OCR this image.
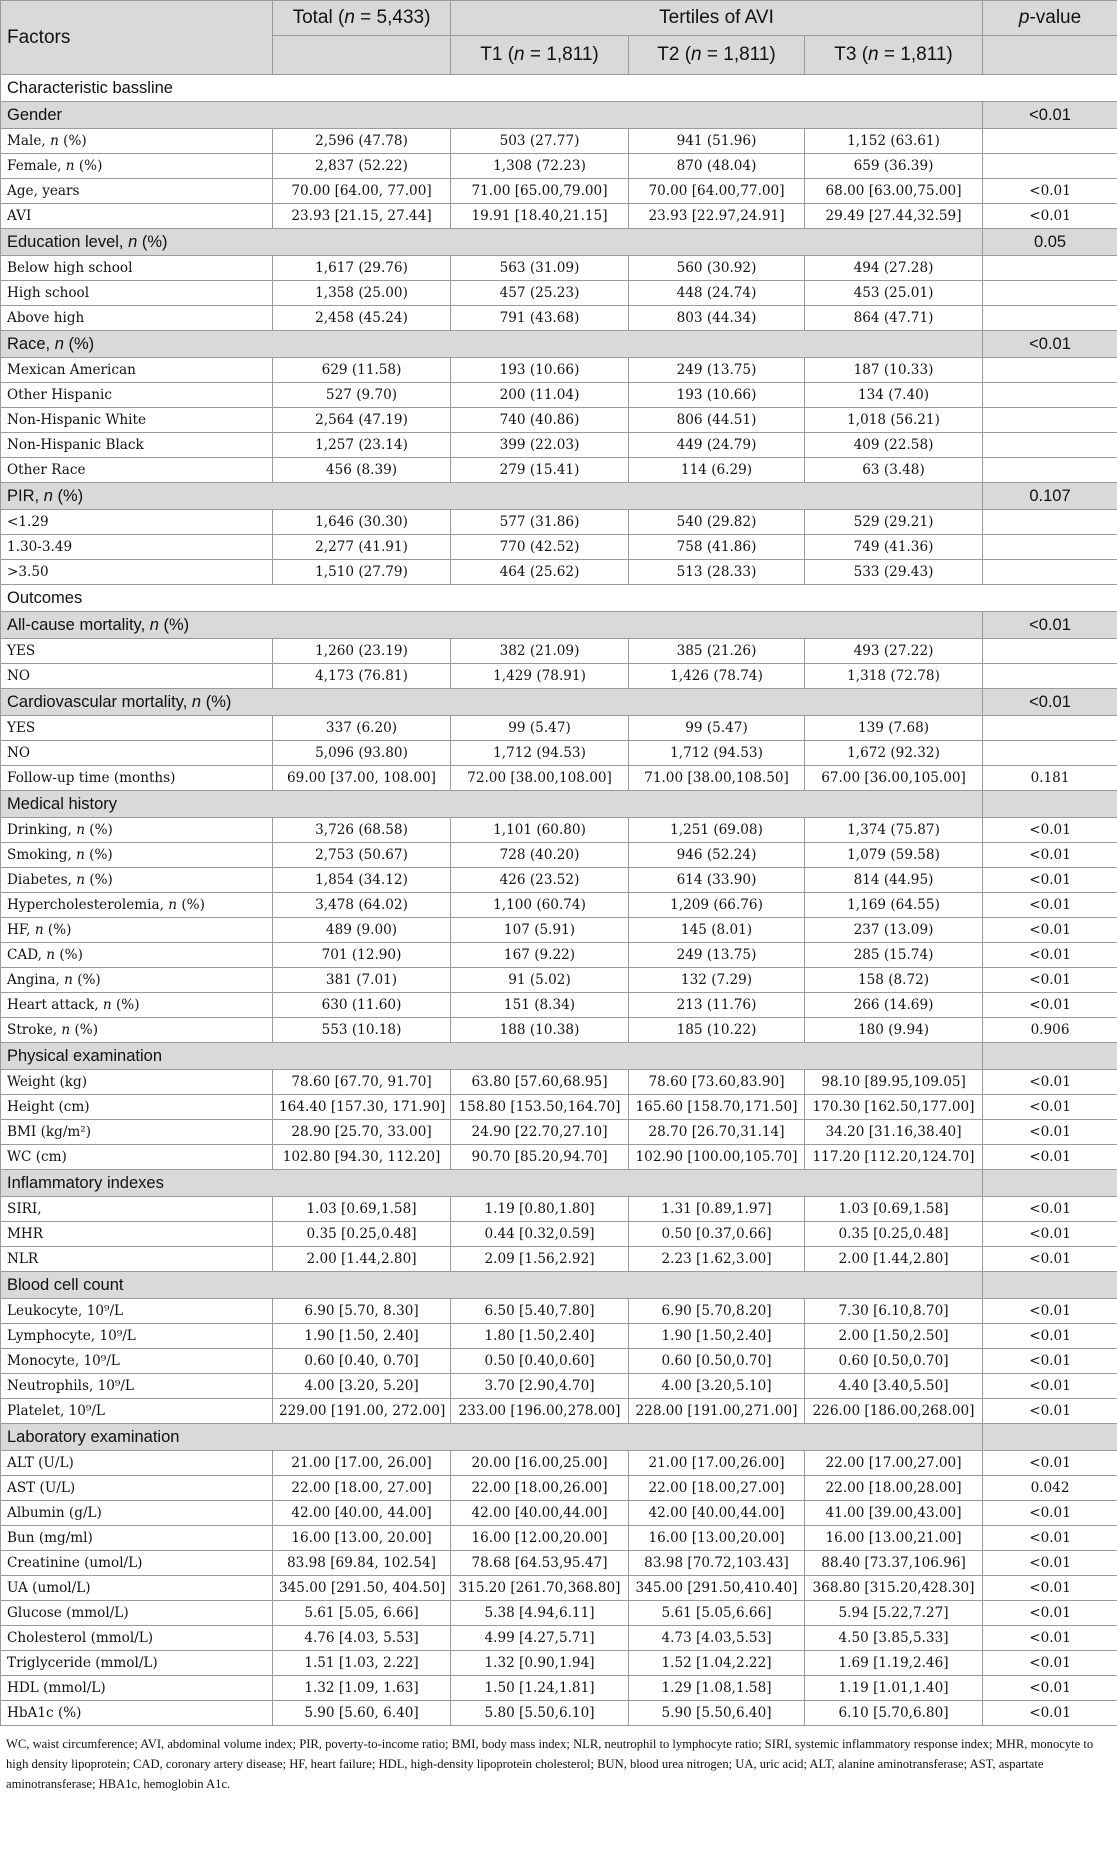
Factors	Total (n = 5,433)	Tertiles of AVI			p-value
		T1 (n = 1,811)	T2 (n = 1,811)	T3 (n = 1,811)	
Characteristic bassline					
Gender					<0.01
Male, n (%)	2,596 (47.78)	503 (27.77)	941 (51.96)	1,152 (63.61)	
Female, n (%)	2,837 (52.22)	1,308 (72.23)	870 (48.04)	659 (36.39)	
Age, years	70.00 [64.00, 77.00]	71.00 [65.00,79.00]	70.00 [64.00,77.00]	68.00 [63.00,75.00]	<0.01
AVI	23.93 [21.15, 27.44]	19.91 [18.40,21.15]	23.93 [22.97,24.91]	29.49 [27.44,32.59]	<0.01
Education level, n (%)					0.05
Below high school	1,617 (29.76)	563 (31.09)	560 (30.92)	494 (27.28)	
High school	1,358 (25.00)	457 (25.23)	448 (24.74)	453 (25.01)	
Above high	2,458 (45.24)	791 (43.68)	803 (44.34)	864 (47.71)	
Race, n (%)					<0.01
Mexican American	629 (11.58)	193 (10.66)	249 (13.75)	187 (10.33)	
Other Hispanic	527 (9.70)	200 (11.04)	193 (10.66)	134 (7.40)	
Non-Hispanic White	2,564 (47.19)	740 (40.86)	806 (44.51)	1,018 (56.21)	
Non-Hispanic Black	1,257 (23.14)	399 (22.03)	449 (24.79)	409 (22.58)	
Other Race	456 (8.39)	279 (15.41)	114 (6.29)	63 (3.48)	
PIR, n (%)					0.107
<1.29	1,646 (30.30)	577 (31.86)	540 (29.82)	529 (29.21)	
1.30-3.49	2,277 (41.91)	770 (42.52)	758 (41.86)	749 (41.36)	
>3.50	1,510 (27.79)	464 (25.62)	513 (28.33)	533 (29.43)	
Outcomes					
All-cause mortality, n (%)					<0.01
YES	1,260 (23.19)	382 (21.09)	385 (21.26)	493 (27.22)	
NO	4,173 (76.81)	1,429 (78.91)	1,426 (78.74)	1,318 (72.78)	
Cardiovascular mortality, n (%)					<0.01
YES	337 (6.20)	99 (5.47)	99 (5.47)	139 (7.68)	
NO	5,096 (93.80)	1,712 (94.53)	1,712 (94.53)	1,672 (92.32)	
Follow-up time (months)	69.00 [37.00, 108.00]	72.00 [38.00,108.00]	71.00 [38.00,108.50]	67.00 [36.00,105.00]	0.181
Medical history					
Drinking, n (%)	3,726 (68.58)	1,101 (60.80)	1,251 (69.08)	1,374 (75.87)	<0.01
Smoking, n (%)	2,753 (50.67)	728 (40.20)	946 (52.24)	1,079 (59.58)	<0.01
Diabetes, n (%)	1,854 (34.12)	426 (23.52)	614 (33.90)	814 (44.95)	<0.01
Hypercholesterolemia, n (%)	3,478 (64.02)	1,100 (60.74)	1,209 (66.76)	1,169 (64.55)	<0.01
HF, n (%)	489 (9.00)	107 (5.91)	145 (8.01)	237 (13.09)	<0.01
CAD, n (%)	701 (12.90)	167 (9.22)	249 (13.75)	285 (15.74)	<0.01
Angina, n (%)	381 (7.01)	91 (5.02)	132 (7.29)	158 (8.72)	<0.01
Heart attack, n (%)	630 (11.60)	151 (8.34)	213 (11.76)	266 (14.69)	<0.01
Stroke, n (%)	553 (10.18)	188 (10.38)	185 (10.22)	180 (9.94)	0.906
Physical examination					
Weight (kg)	78.60 [67.70, 91.70]	63.80 [57.60,68.95]	78.60 [73.60,83.90]	98.10 [89.95,109.05]	<0.01
Height (cm)	164.40 [157.30, 171.90]	158.80 [153.50,164.70]	165.60 [158.70,171.50]	170.30 [162.50,177.00]	<0.01
BMI (kg/m²)	28.90 [25.70, 33.00]	24.90 [22.70,27.10]	28.70 [26.70,31.14]	34.20 [31.16,38.40]	<0.01
WC (cm)	102.80 [94.30, 112.20]	90.70 [85.20,94.70]	102.90 [100.00,105.70]	117.20 [112.20,124.70]	<0.01
Inflammatory indexes					
SIRI,	1.03 [0.69,1.58]	1.19 [0.80,1.80]	1.31 [0.89,1.97]	1.03 [0.69,1.58]	<0.01
MHR	0.35 [0.25,0.48]	0.44 [0.32,0.59]	0.50 [0.37,0.66]	0.35 [0.25,0.48]	<0.01
NLR	2.00 [1.44,2.80]	2.09 [1.56,2.92]	2.23 [1.62,3.00]	2.00 [1.44,2.80]	<0.01
Blood cell count					
Leukocyte, 10⁹/L	6.90 [5.70, 8.30]	6.50 [5.40,7.80]	6.90 [5.70,8.20]	7.30 [6.10,8.70]	<0.01
Lymphocyte, 10⁹/L	1.90 [1.50, 2.40]	1.80 [1.50,2.40]	1.90 [1.50,2.40]	2.00 [1.50,2.50]	<0.01
Monocyte, 10⁹/L	0.60 [0.40, 0.70]	0.50 [0.40,0.60]	0.60 [0.50,0.70]	0.60 [0.50,0.70]	<0.01
Neutrophils, 10⁹/L	4.00 [3.20, 5.20]	3.70 [2.90,4.70]	4.00 [3.20,5.10]	4.40 [3.40,5.50]	<0.01
Platelet, 10⁹/L	229.00 [191.00, 272.00]	233.00 [196.00,278.00]	228.00 [191.00,271.00]	226.00 [186.00,268.00]	<0.01
Laboratory examination					
ALT (U/L)	21.00 [17.00, 26.00]	20.00 [16.00,25.00]	21.00 [17.00,26.00]	22.00 [17.00,27.00]	<0.01
AST (U/L)	22.00 [18.00, 27.00]	22.00 [18.00,26.00]	22.00 [18.00,27.00]	22.00 [18.00,28.00]	0.042
Albumin (g/L)	42.00 [40.00, 44.00]	42.00 [40.00,44.00]	42.00 [40.00,44.00]	41.00 [39.00,43.00]	<0.01
Bun (mg/ml)	16.00 [13.00, 20.00]	16.00 [12.00,20.00]	16.00 [13.00,20.00]	16.00 [13.00,21.00]	<0.01
Creatinine (umol/L)	83.98 [69.84, 102.54]	78.68 [64.53,95.47]	83.98 [70.72,103.43]	88.40 [73.37,106.96]	<0.01
UA (umol/L)	345.00 [291.50, 404.50]	315.20 [261.70,368.80]	345.00 [291.50,410.40]	368.80 [315.20,428.30]	<0.01
Glucose (mmol/L)	5.61 [5.05, 6.66]	5.38 [4.94,6.11]	5.61 [5.05,6.66]	5.94 [5.22,7.27]	<0.01
Cholesterol (mmol/L)	4.76 [4.03, 5.53]	4.99 [4.27,5.71]	4.73 [4.03,5.53]	4.50 [3.85,5.33]	<0.01
Triglyceride (mmol/L)	1.51 [1.03, 2.22]	1.32 [0.90,1.94]	1.52 [1.04,2.22]	1.69 [1.19,2.46]	<0.01
HDL (mmol/L)	1.32 [1.09, 1.63]	1.50 [1.24,1.81]	1.29 [1.08,1.58]	1.19 [1.01,1.40]	<0.01
HbA1c (%)	5.90 [5.60, 6.40]	5.80 [5.50,6.10]	5.90 [5.50,6.40]	6.10 [5.70,6.80]	<0.01
WC, waist circumference; AVI, abdominal volume index; PIR, poverty-to-income ratio; BMI, body mass index; NLR, neutrophil to lymphocyte ratio; SIRI, systemic inflammatory response index; MHR, monocyte to high density lipoprotein; CAD, coronary artery disease; HF, heart failure; HDL, high-density lipoprotein cholesterol; BUN, blood urea nitrogen; UA, uric acid; ALT, alanine aminotransferase; AST, aspartate aminotransferase; HBA1c, hemoglobin A1c.
